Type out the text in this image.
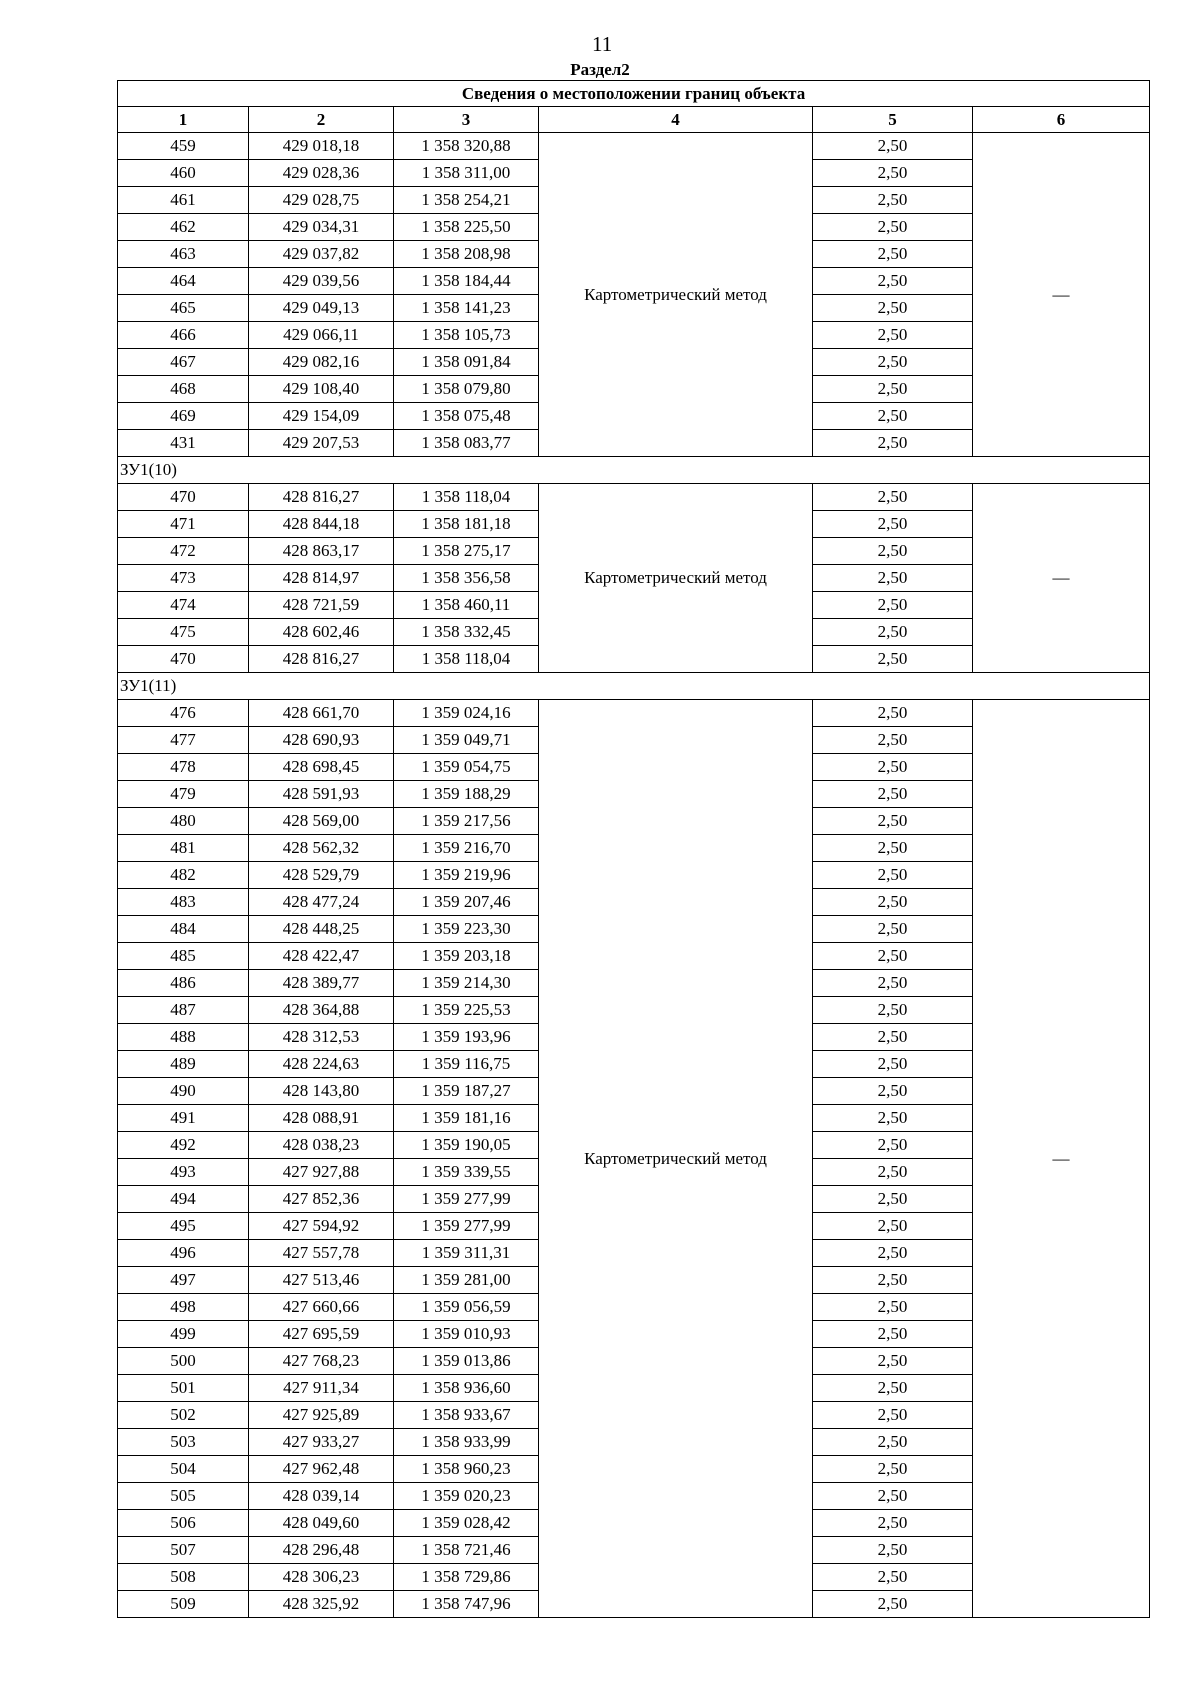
11
Раздел2
Сведения о местоположении границ объекта					
1	2	3	4	5	6
459	429 018,18	1 358 320,88	Картометрический метод	2,50	—
460	429 028,36	1 358 311,00		2,50	
461	429 028,75	1 358 254,21		2,50	
462	429 034,31	1 358 225,50		2,50	
463	429 037,82	1 358 208,98		2,50	
464	429 039,56	1 358 184,44		2,50	
465	429 049,13	1 358 141,23		2,50	
466	429 066,11	1 358 105,73		2,50	
467	429 082,16	1 358 091,84		2,50	
468	429 108,40	1 358 079,80		2,50	
469	429 154,09	1 358 075,48		2,50	
431	429 207,53	1 358 083,77		2,50	
ЗУ1(10)					
470	428 816,27	1 358 118,04	Картометрический метод	2,50	—
471	428 844,18	1 358 181,18		2,50	
472	428 863,17	1 358 275,17		2,50	
473	428 814,97	1 358 356,58		2,50	
474	428 721,59	1 358 460,11		2,50	
475	428 602,46	1 358 332,45		2,50	
470	428 816,27	1 358 118,04		2,50	
ЗУ1(11)					
476	428 661,70	1 359 024,16	Картометрический метод	2,50	—
477	428 690,93	1 359 049,71		2,50	
478	428 698,45	1 359 054,75		2,50	
479	428 591,93	1 359 188,29		2,50	
480	428 569,00	1 359 217,56		2,50	
481	428 562,32	1 359 216,70		2,50	
482	428 529,79	1 359 219,96		2,50	
483	428 477,24	1 359 207,46		2,50	
484	428 448,25	1 359 223,30		2,50	
485	428 422,47	1 359 203,18		2,50	
486	428 389,77	1 359 214,30		2,50	
487	428 364,88	1 359 225,53		2,50	
488	428 312,53	1 359 193,96		2,50	
489	428 224,63	1 359 116,75		2,50	
490	428 143,80	1 359 187,27		2,50	
491	428 088,91	1 359 181,16		2,50	
492	428 038,23	1 359 190,05		2,50	
493	427 927,88	1 359 339,55		2,50	
494	427 852,36	1 359 277,99		2,50	
495	427 594,92	1 359 277,99		2,50	
496	427 557,78	1 359 311,31		2,50	
497	427 513,46	1 359 281,00		2,50	
498	427 660,66	1 359 056,59		2,50	
499	427 695,59	1 359 010,93		2,50	
500	427 768,23	1 359 013,86		2,50	
501	427 911,34	1 358 936,60		2,50	
502	427 925,89	1 358 933,67		2,50	
503	427 933,27	1 358 933,99		2,50	
504	427 962,48	1 358 960,23		2,50	
505	428 039,14	1 359 020,23		2,50	
506	428 049,60	1 359 028,42		2,50	
507	428 296,48	1 358 721,46		2,50	
508	428 306,23	1 358 729,86		2,50	
509	428 325,92	1 358 747,96		2,50	
